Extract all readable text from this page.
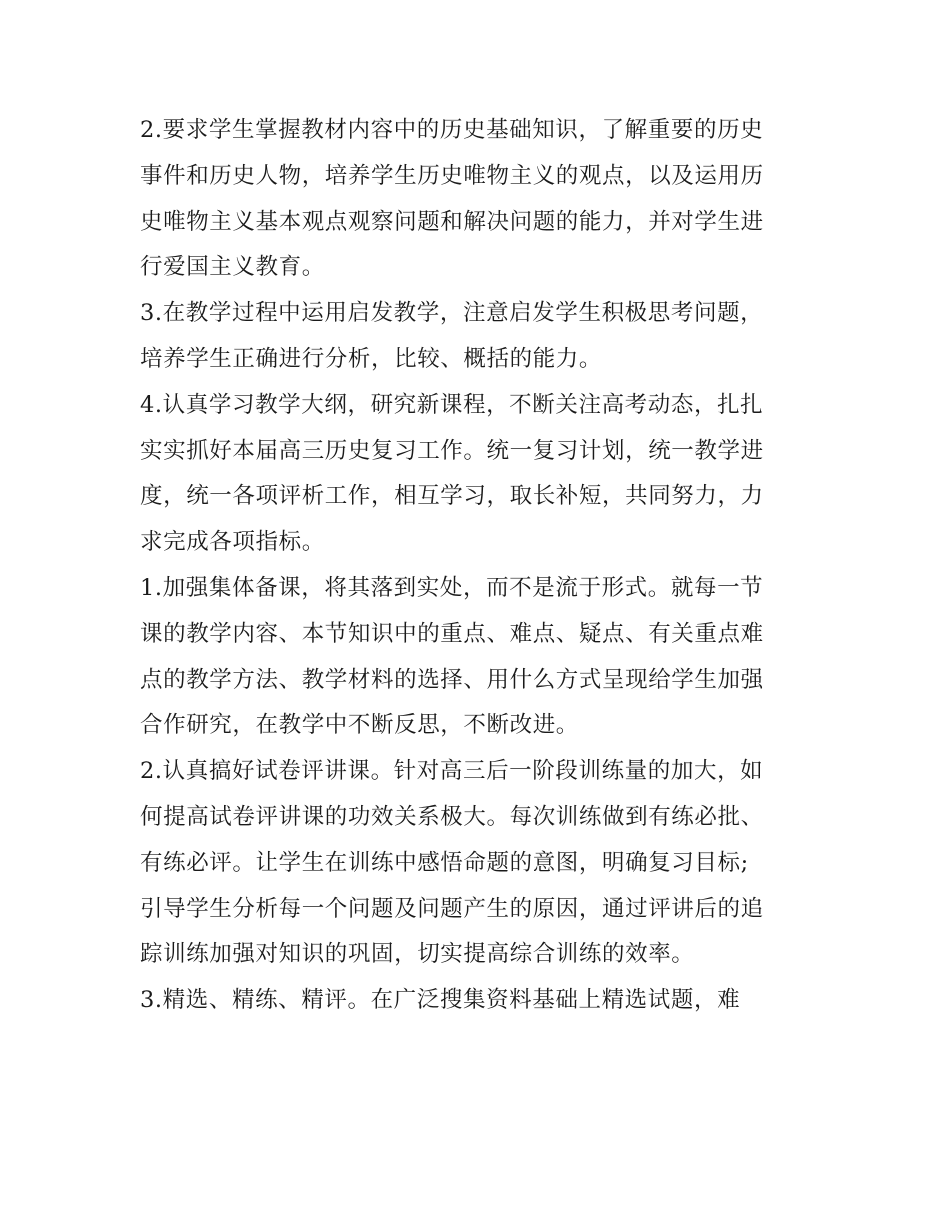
2.要求学生掌握教材内容中的历史基础知识，了解重要的历史
事件和历史人物，培养学生历史唯物主义的观点，以及运用历
史唯物主义基本观点观察问题和解决问题的能力，并对学生进
行爱国主义教育。
3.在教学过程中运用启发教学，注意启发学生积极思考问题，
培养学生正确进行分析，比较、概括的能力。
4.认真学习教学大纲，研究新课程，不断关注高考动态，扎扎
实实抓好本届高三历史复习工作。统一复习计划，统一教学进
度，统一各项评析工作，相互学习，取长补短，共同努力，力
求完成各项指标。
1.加强集体备课，将其落到实处，而不是流于形式。就每一节
课的教学内容、本节知识中的重点、难点、疑点、有关重点难
点的教学方法、教学材料的选择、用什么方式呈现给学生加强
合作研究，在教学中不断反思，不断改进。
2.认真搞好试卷评讲课。针对高三后一阶段训练量的加大，如
何提高试卷评讲课的功效关系极大。每次训练做到有练必批、
有练必评。让学生在训练中感悟命题的意图，明确复习目标;
引导学生分析每一个问题及问题产生的原因，通过评讲后的追
踪训练加强对知识的巩固，切实提高综合训练的效率。
3.精选、精练、精评。在广泛搜集资料基础上精选试题，难
